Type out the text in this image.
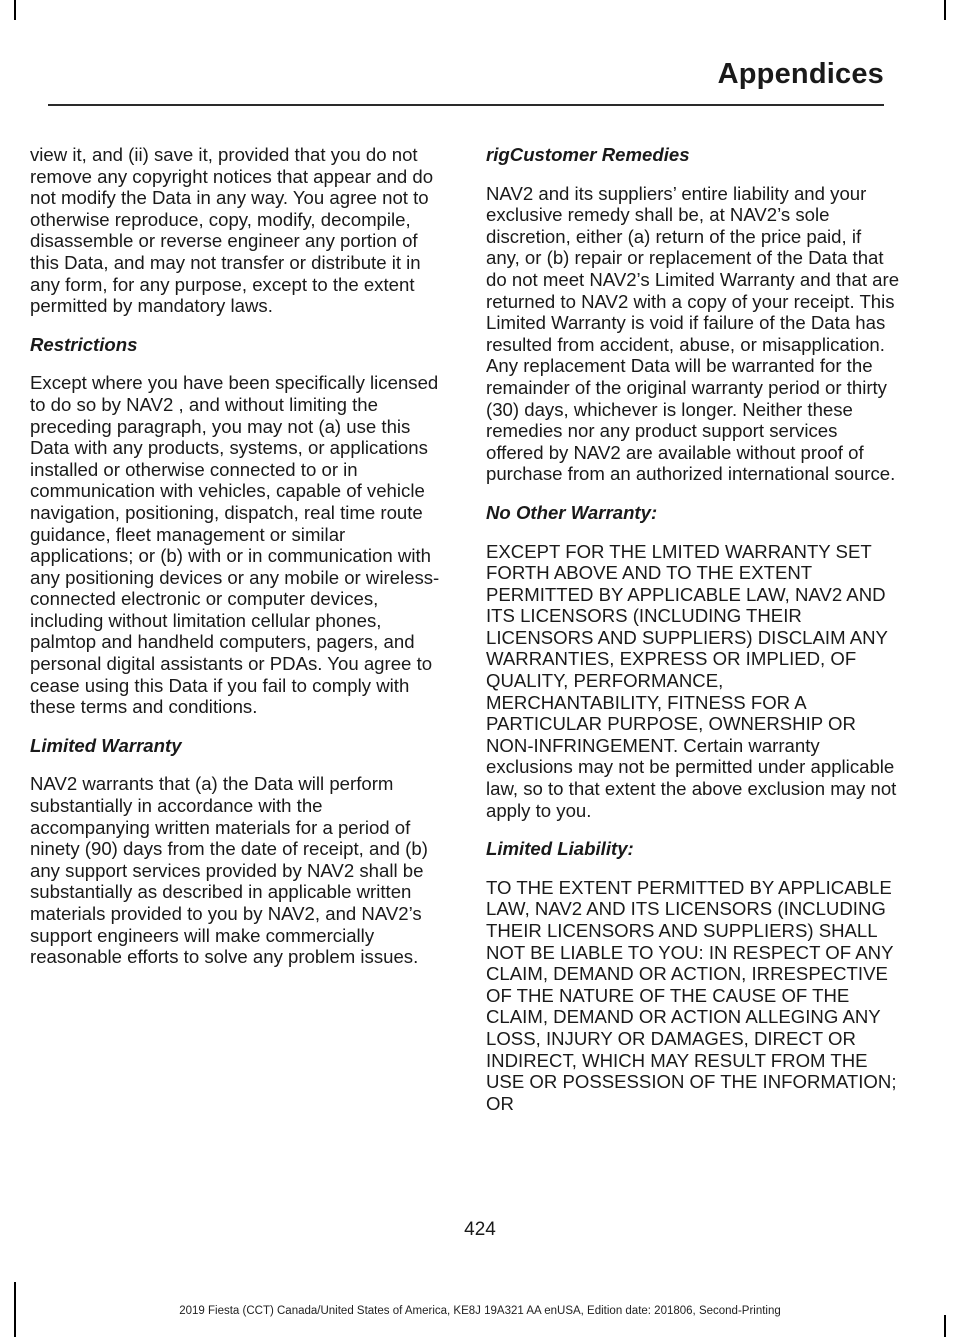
Appendices

view it, and (ii) save it, provided that you do not remove any copyright notices that appear and do not modify the Data in any way. You agree not to otherwise reproduce, copy, modify, decompile, disassemble or reverse engineer any portion of this Data, and may not transfer or distribute it in any form, for any purpose, except to the extent permitted by mandatory laws.

Restrictions

Except where you have been specifically licensed to do so by NAV2 , and without limiting the preceding paragraph, you may not (a) use this Data with any products, systems, or applications installed or otherwise connected to or in communication with vehicles, capable of vehicle navigation, positioning, dispatch, real time route guidance, fleet management or similar applications; or (b) with or in communication with any positioning devices or any mobile or wireless-connected electronic or computer devices, including without limitation cellular phones, palmtop and handheld computers, pagers, and personal digital assistants or PDAs. You agree to cease using this Data if you fail to comply with these terms and conditions.

Limited Warranty

NAV2 warrants that (a) the Data will perform substantially in accordance with the accompanying written materials for a period of ninety (90) days from the date of receipt, and (b) any support services provided by NAV2 shall be substantially as described in applicable written materials provided to you by NAV2, and NAV2’s support engineers will make commercially reasonable efforts to solve any problem issues.

rigCustomer Remedies

NAV2 and its suppliers’ entire liability and your exclusive remedy shall be, at NAV2’s sole discretion, either (a) return of the price paid, if any, or (b) repair or replacement of the Data that do not meet NAV2’s Limited Warranty and that are returned to NAV2 with a copy of your receipt. This Limited Warranty is void if failure of the Data has resulted from accident, abuse, or misapplication. Any replacement Data will be warranted for the remainder of the original warranty period or thirty (30) days, whichever is longer. Neither these remedies nor any product support services offered by NAV2 are available without proof of purchase from an authorized international source.

No Other Warranty:

EXCEPT FOR THE LMITED WARRANTY SET FORTH ABOVE AND TO THE EXTENT PERMITTED BY APPLICABLE LAW, NAV2 AND ITS LICENSORS (INCLUDING THEIR LICENSORS AND SUPPLIERS) DISCLAIM ANY WARRANTIES, EXPRESS OR IMPLIED, OF QUALITY, PERFORMANCE, MERCHANTABILITY, FITNESS FOR A PARTICULAR PURPOSE, OWNERSHIP OR NON-INFRINGEMENT. Certain warranty exclusions may not be permitted under applicable law, so to that extent the above exclusion may not apply to you.

Limited Liability:

TO THE EXTENT PERMITTED BY APPLICABLE LAW, NAV2 AND ITS LICENSORS (INCLUDING THEIR LICENSORS AND SUPPLIERS) SHALL NOT BE LIABLE TO YOU: IN RESPECT OF ANY CLAIM, DEMAND OR ACTION, IRRESPECTIVE OF THE NATURE OF THE CAUSE OF THE CLAIM, DEMAND OR ACTION ALLEGING ANY LOSS, INJURY OR DAMAGES, DIRECT OR INDIRECT, WHICH MAY RESULT FROM THE USE OR POSSESSION OF THE INFORMATION; OR

424
2019 Fiesta (CCT) Canada/United States of America, KE8J 19A321 AA enUSA, Edition date: 201806, Second-Printing
